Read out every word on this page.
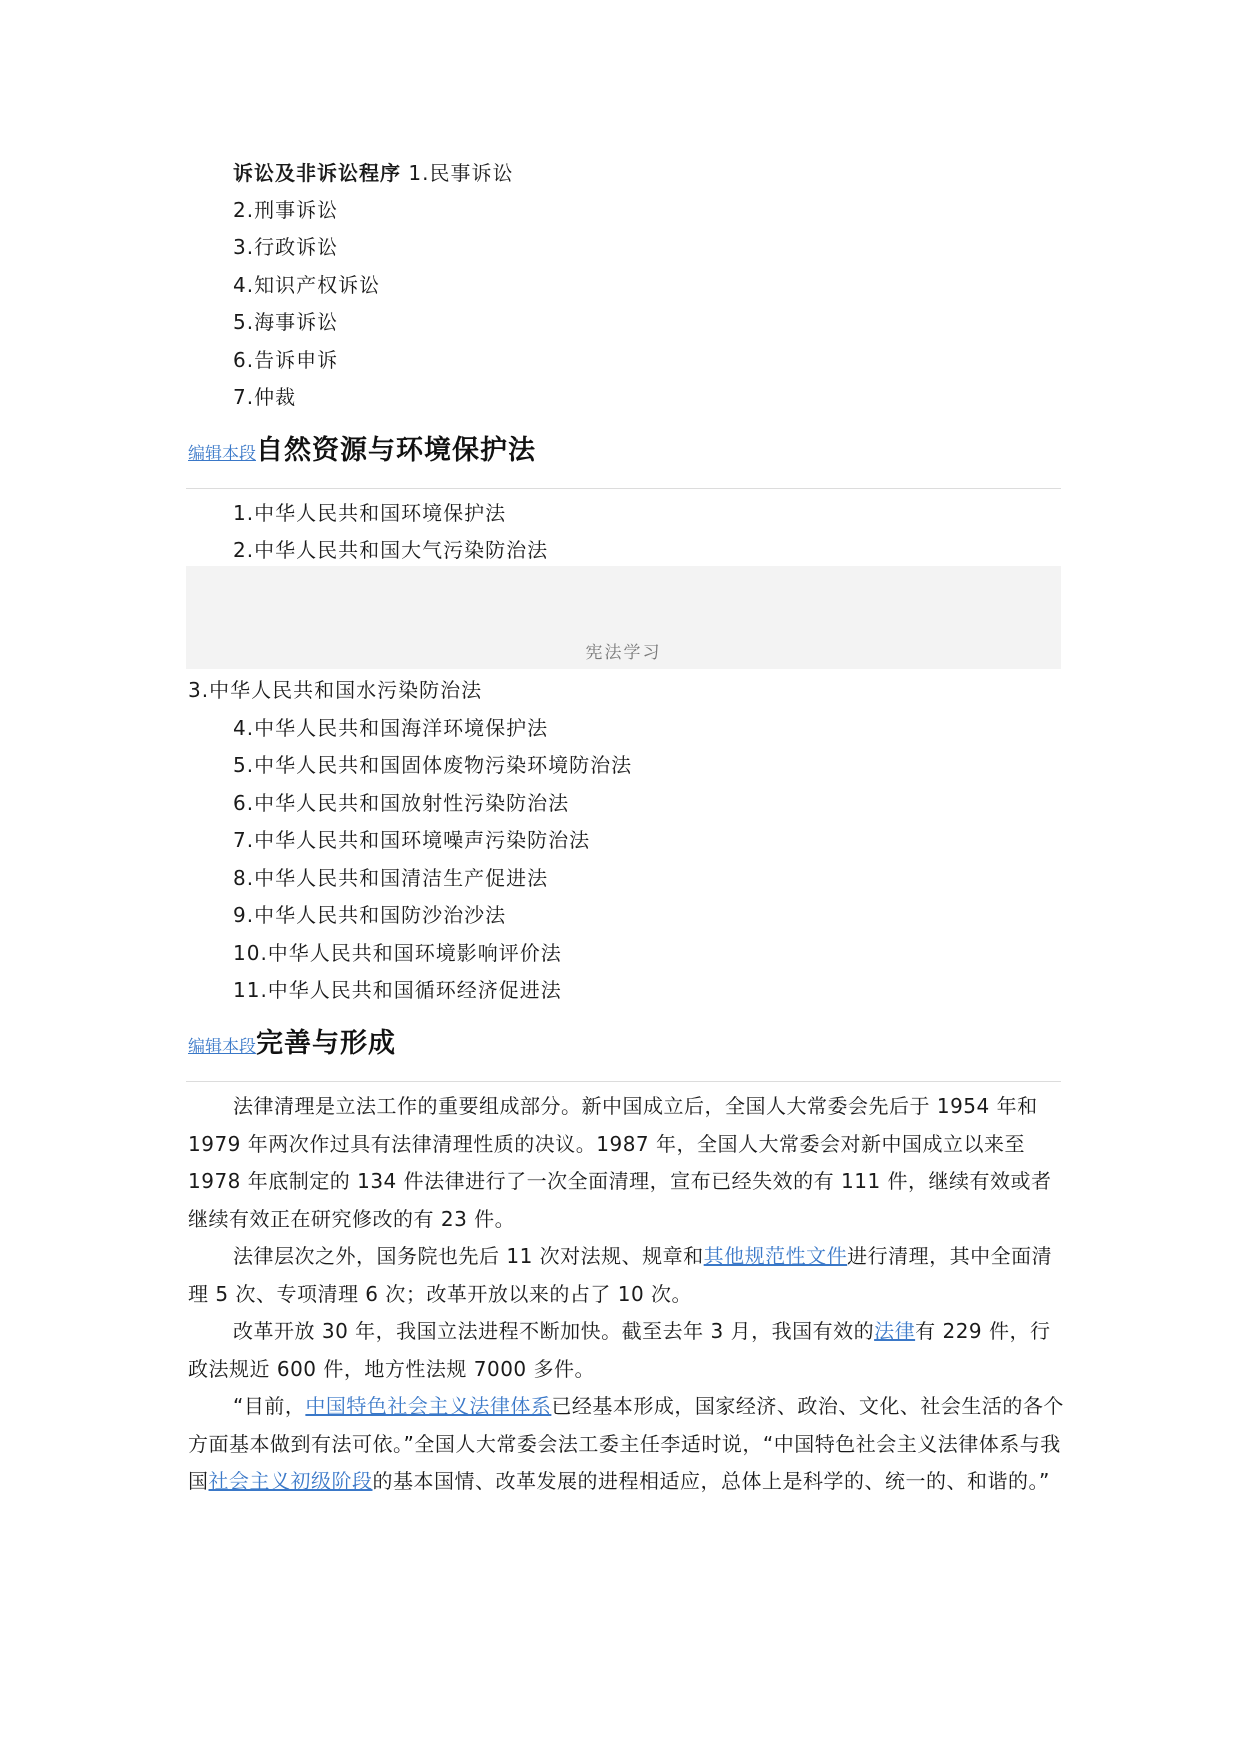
诉讼及非诉讼程序 1.民事诉讼
2.刑事诉讼
3.行政诉讼
4.知识产权诉讼
5.海事诉讼
6.告诉申诉
7.仲裁
编辑本段自然资源与环境保护法
1.中华人民共和国环境保护法
2.中华人民共和国大气污染防治法
宪法学习
3.中华人民共和国水污染防治法
4.中华人民共和国海洋环境保护法
5.中华人民共和国固体废物污染环境防治法
6.中华人民共和国放射性污染防治法
7.中华人民共和国环境噪声污染防治法
8.中华人民共和国清洁生产促进法
9.中华人民共和国防沙治沙法
10.中华人民共和国环境影响评价法
11.中华人民共和国循环经济促进法
编辑本段完善与形成
法律清理是立法工作的重要组成部分。新中国成立后，全国人大常委会先后于 1954 年和 1979 年两次作过具有法律清理性质的决议。1987 年，全国人大常委会对新中国成立以来至 1978 年底制定的 134 件法律进行了一次全面清理，宣布已经失效的有 111 件，继续有效或者继续有效正在研究修改的有 23 件。
法律层次之外，国务院也先后 11 次对法规、规章和其他规范性文件进行清理，其中全面清理 5 次、专项清理 6 次；改革开放以来的占了 10 次。
改革开放 30 年，我国立法进程不断加快。截至去年 3 月，我国有效的法律有 229 件，行政法规近 600 件，地方性法规 7000 多件。
“目前，中国特色社会主义法律体系已经基本形成，国家经济、政治、文化、社会生活的各个方面基本做到有法可依。”全国人大常委会法工委主任李适时说，“中国特色社会主义法律体系与我国社会主义初级阶段的基本国情、改革发展的进程相适应，总体上是科学的、统一的、和谐的。”
